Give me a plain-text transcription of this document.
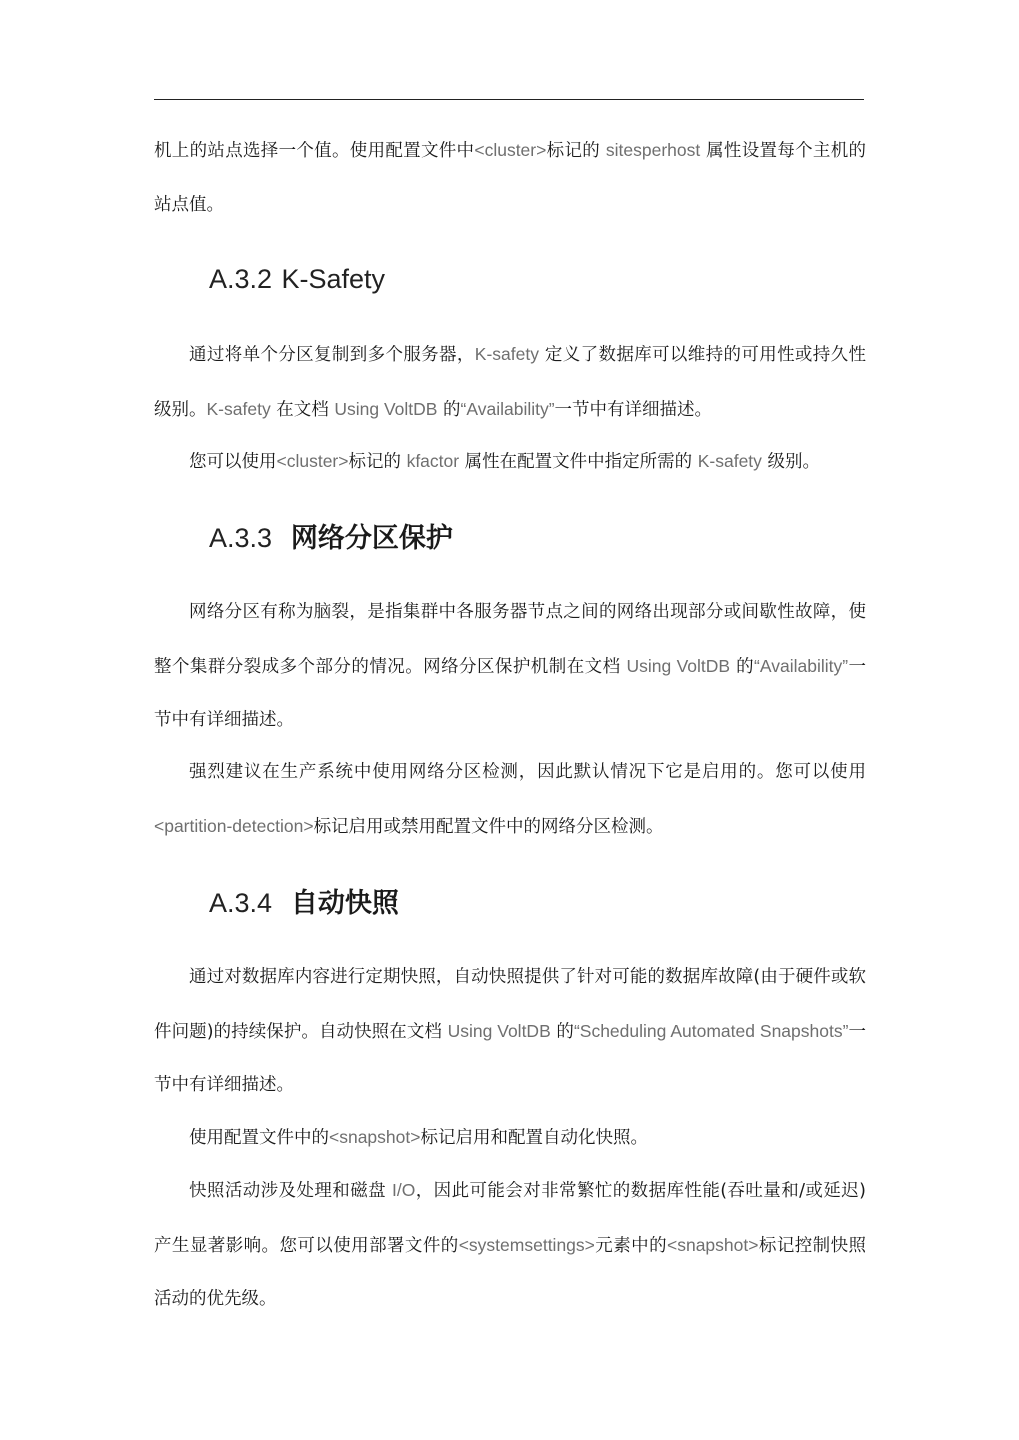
机上的站点选择一个值。使用配置文件中<cluster>标记的 sitesperhost 属性设置每个主机的站点值。

A.3.2 K-Safety

通过将单个分区复制到多个服务器，K-safety 定义了数据库可以维持的可用性或持久性级别。K-safety 在文档 Using VoltDB 的“Availability”一节中有详细描述。

您可以使用<cluster>标记的 kfactor 属性在配置文件中指定所需的 K-safety 级别。

A.3.3 网络分区保护

网络分区有称为脑裂，是指集群中各服务器节点之间的网络出现部分或间歇性故障，使整个集群分裂成多个部分的情况。网络分区保护机制在文档 Using VoltDB 的“Availability”一节中有详细描述。

强烈建议在生产系统中使用网络分区检测，因此默认情况下它是启用的。您可以使用<partition-detection>标记启用或禁用配置文件中的网络分区检测。

A.3.4 自动快照

通过对数据库内容进行定期快照，自动快照提供了针对可能的数据库故障(由于硬件或软件问题)的持续保护。自动快照在文档 Using VoltDB 的“Scheduling Automated Snapshots”一节中有详细描述。

使用配置文件中的<snapshot>标记启用和配置自动化快照。

快照活动涉及处理和磁盘 I/O，因此可能会对非常繁忙的数据库性能(吞吐量和/或延迟)产生显著影响。您可以使用部署文件的<systemsettings>元素中的<snapshot>标记控制快照活动的优先级。
